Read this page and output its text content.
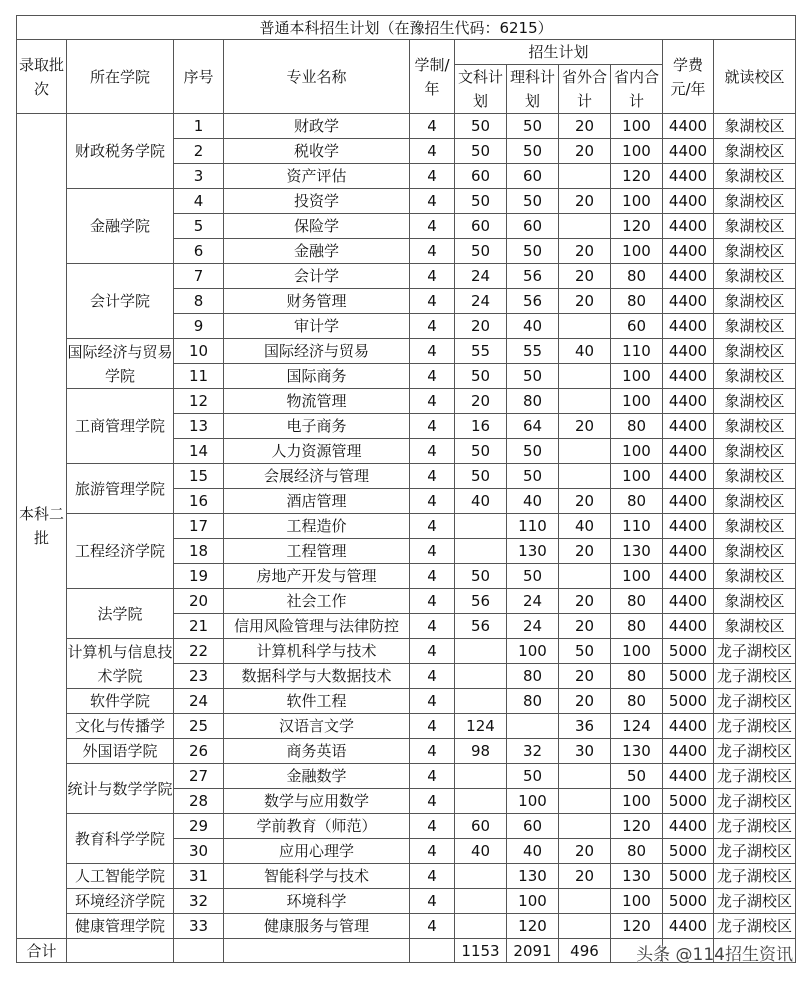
普通本科招生计划（在豫招生代码：6215）										
录取批次	所在学院	序号	专业名称	学制/年	招生计划				学费元/年	就读校区
					文科计划	理科计划	省外合计	省内合计		
本科二批	财政税务学院	1	财政学	4	50	50	20	100	4400	象湖校区
		2	税收学	4	50	50	20	100	4400	象湖校区
		3	资产评估	4	60	60		120	4400	象湖校区
	金融学院	4	投资学	4	50	50	20	100	4400	象湖校区
		5	保险学	4	60	60		120	4400	象湖校区
		6	金融学	4	50	50	20	100	4400	象湖校区
	会计学院	7	会计学	4	24	56	20	80	4400	象湖校区
		8	财务管理	4	24	56	20	80	4400	象湖校区
		9	审计学	4	20	40		60	4400	象湖校区
	国际经济与贸易学院	10	国际经济与贸易	4	55	55	40	110	4400	象湖校区
		11	国际商务	4	50	50		100	4400	象湖校区
	工商管理学院	12	物流管理	4	20	80		100	4400	象湖校区
		13	电子商务	4	16	64	20	80	4400	象湖校区
		14	人力资源管理	4	50	50		100	4400	象湖校区
	旅游管理学院	15	会展经济与管理	4	50	50		100	4400	象湖校区
		16	酒店管理	4	40	40	20	80	4400	象湖校区
	工程经济学院	17	工程造价	4		110	40	110	4400	象湖校区
		18	工程管理	4		130	20	130	4400	象湖校区
		19	房地产开发与管理	4	50	50		100	4400	象湖校区
	法学院	20	社会工作	4	56	24	20	80	4400	象湖校区
		21	信用风险管理与法律防控	4	56	24	20	80	4400	象湖校区
	计算机与信息技术学院	22	计算机科学与技术	4		100	50	100	5000	龙子湖校区
		23	数据科学与大数据技术	4		80	20	80	5000	龙子湖校区
	软件学院	24	软件工程	4		80	20	80	5000	龙子湖校区
	文化与传播学	25	汉语言文学	4	124		36	124	4400	龙子湖校区
	外国语学院	26	商务英语	4	98	32	30	130	4400	龙子湖校区
	统计与数学学院	27	金融数学	4		50		50	4400	龙子湖校区
		28	数学与应用数学	4		100		100	5000	龙子湖校区
	教育科学学院	29	学前教育（师范）	4	60	60		120	4400	龙子湖校区
		30	应用心理学	4	40	40	20	80	5000	龙子湖校区
	人工智能学院	31	智能科学与技术	4		130	20	130	5000	龙子湖校区
	环境经济学院	32	环境科学	4		100		100	5000	龙子湖校区
	健康管理学院	33	健康服务与管理	4		120		120	4400	龙子湖校区
合计					1153	2091	496			头条 @114招生资讯
